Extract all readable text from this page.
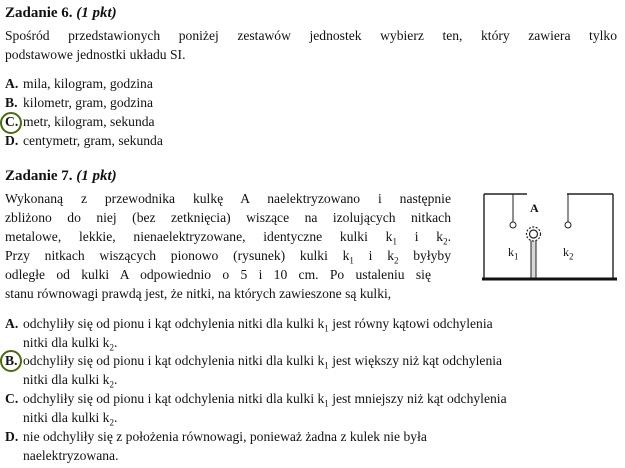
Zadanie 6. (1 pkt)
Spośród przedstawionych poniżej zestawów jednostek wybierz ten, który zawiera tylko
podstawowe jednostki układu SI.
A. mila, kilogram, godzina
B. kilometr, gram, godzina
C. metr, kilogram, sekunda
D. centymetr, gram, sekunda
Zadanie 7. (1 pkt)
Wykonaną z przewodnika kulkę A naelektryzowano i następnie
zbliżono do niej (bez zetknięcia) wiszące na izolujących nitkach
metalowe, lekkie, nienaelektryzowane, identyczne kulki $k_1$ i $k_2$.
Przy nitkach wiszących pionowo (rysunek) kulki $k_1$ i $k_2$ byłyby
odległe od kulki A odpowiednio o 5 i 10 cm. Po ustaleniu się
stanu równowagi prawdą jest, że nitki, na których zawieszone są kulki,
A
$k_1$	$k_2$
A. odchyliły się od pionu i kąt odchylenia nitki dla kulki $k_1$ jest równy kątowi odchylenia
nitki dla kulki $k_2$.
B. odchyliły się od pionu i kąt odchylenia nitki dla kulki $k_1$ jest większy niż kąt odchylenia
nitki dla kulki $k_2$.
C. odchyliły się od pionu i kąt odchylenia nitki dla kulki $k_1$ jest mniejszy niż kąt odchylenia
nitki dla kulki $k_2$.
D. nie odchyliły się z położenia równowagi, ponieważ żadna z kulek nie była
naelektryzowana.
